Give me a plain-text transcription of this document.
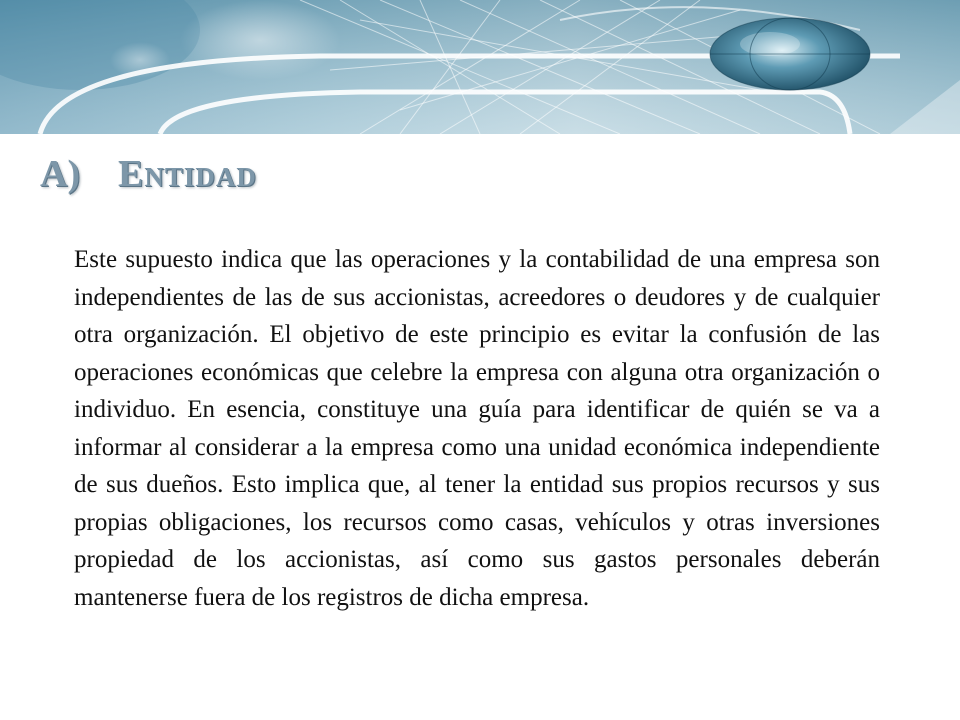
A) Entidad

Este supuesto indica que las operaciones y la contabilidad de una empresa son independientes de las de sus accionistas, acreedores o deudores y de cualquier otra organización. El objetivo de este principio es evitar la confusión de las operaciones económicas que celebre la empresa con alguna otra organización o individuo. En esencia, constituye una guía para identificar de quién se va a informar al considerar a la empresa como una unidad económica independiente de sus dueños. Esto implica que, al tener la entidad sus propios recursos y sus propias obligaciones, los recursos como casas, vehículos y otras inversiones propiedad de los accionistas, así como sus gastos personales deberán mantenerse fuera de los registros de dicha empresa.
